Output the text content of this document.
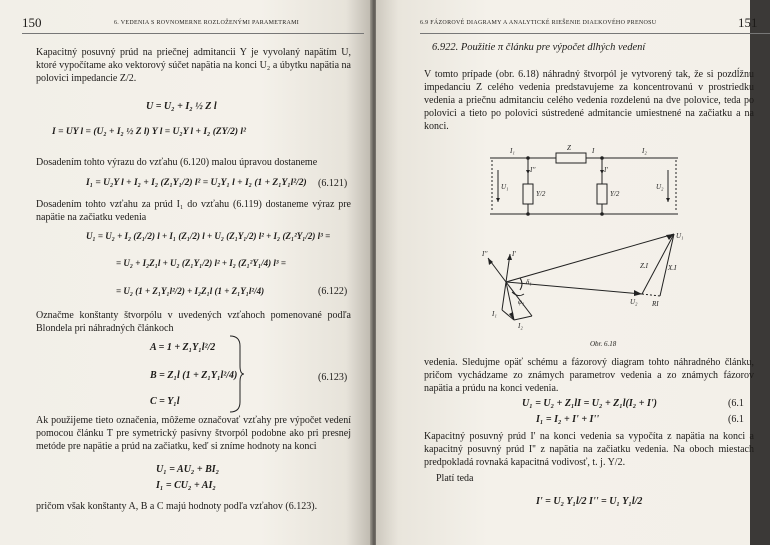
150	6. VEDENIA S ROVNOMERNE ROZLOŽENÝMI PARAMETRAMI

Kapacitný posuvný prúd na priečnej admitancii Y je vyvolaný napätím U, ktoré vypočítame ako vektorový súčet napätia na konci U₂ a úbytku napätia na polovici impedancie Z/2.

U = U₂ + I₂ ½ Z l
I = UY l = (U₂ + I₂ ½ Z l) Y l = U₂Y l + I₂ (ZY/2) l²

Dosadením tohto výrazu do vzťahu (6.120) malou úpravou dostaneme

I₁ = U₂Y l + I₂ + I₂ (Z₁Y₁/2) l² = U₂Y₁ l + I₂ (1 + Z₁Y₁l²/2) (6.121)

Dosadením tohto vzťahu za prúd I₁ do vzťahu (6.119) dostaneme výraz pre napätie na začiatku vedenia

U₁ = U₂ + I₂ (Z₁/2) l + I₁ (Z₁/2) l + U₂ (Z₁Y₁/2) l² + I₂ (Z₁²Y₁/2) l³ =
= U₂ + I₂Z₁l + U₂ (Z₁Y₁/2) l² + I₂ (Z₁²Y₁/4) l³ =
= U₂ (1 + Z₁Y₁l²/2) + I₂Z₁l (1 + Z₁Y₁l²/4)	(6.122)

Označme konštanty štvorpólu v uvedených vzťahoch pomenované podľa Blondela pri náhradných článkoch

A = 1 + Z₁Y₁l²/2
B = Z₁l (1 + Z₁Y₁l²/4)
C = Y₁l
(6.123)

Ak použijeme tieto označenia, môžeme označovať vzťahy pre výpočet vedení pomocou článku T pre symetrický pasívny štvorpól podobne ako pri presnej metóde pre napätie a prúd na začiatku, keď si zníme hodnoty na konci

U₁ = AU₂ + BI₂
I₁ = CU₂ + AI₂

pričom však konštanty A, B a C majú hodnoty podľa vzťahov (6.123).

6.9 FÁZOROVÉ DIAGRAMY A ANALYTICKÉ RIEŠENIE DIAĽKOVÉHO PRENOSU	151
6.922. Použitie π článku pre výpočet dlhých vedení

V tomto prípade (obr. 6.18) náhradný štvorpól je vytvorený tak, že si pozdĺžnu impedanciu Z celého vedenia predstavujeme za koncentrovanú v prostriedku vedenia a priečnu admitanciu celého vedenia rozdelenú na dve polovice, teda po polovici a tieto po polovici sústredené admitancie umiestnené na začiatku a na konci.

I₁	Z	I	I₂
U₁	U₂
Y/2	Y/2
I''	I'
U₁
U₂
Z.I	X.I
RI
I''	I'
I₁
I₂
δ₁
φ₁
Obr. 6.18

vedenia. Sledujme opäť schému a fázorový diagram tohto náhradného článku, pričom vychádzame zo známych parametrov vedenia a zo známych fázorov napätia a prúdu na konci vedenia.

U₁ = U₂ + Z₁lI = U₂ + Z₁l(I₂ + I')	(6.1
I₁ = I₂ + I' + I''	(6.1

Kapacitný posuvný prúd I' na konci vedenia sa vypočíta z napätia na konci a kapacitný posuvný prúd I'' z napätia na začiatku vedenia. Na oboch miestach predpokladá rovnaká kapacitná vodivosť, t. j. Y/2.

Platí teda

I' = U₂ Y₁l/2 I'' = U₁ Y₁l/2
